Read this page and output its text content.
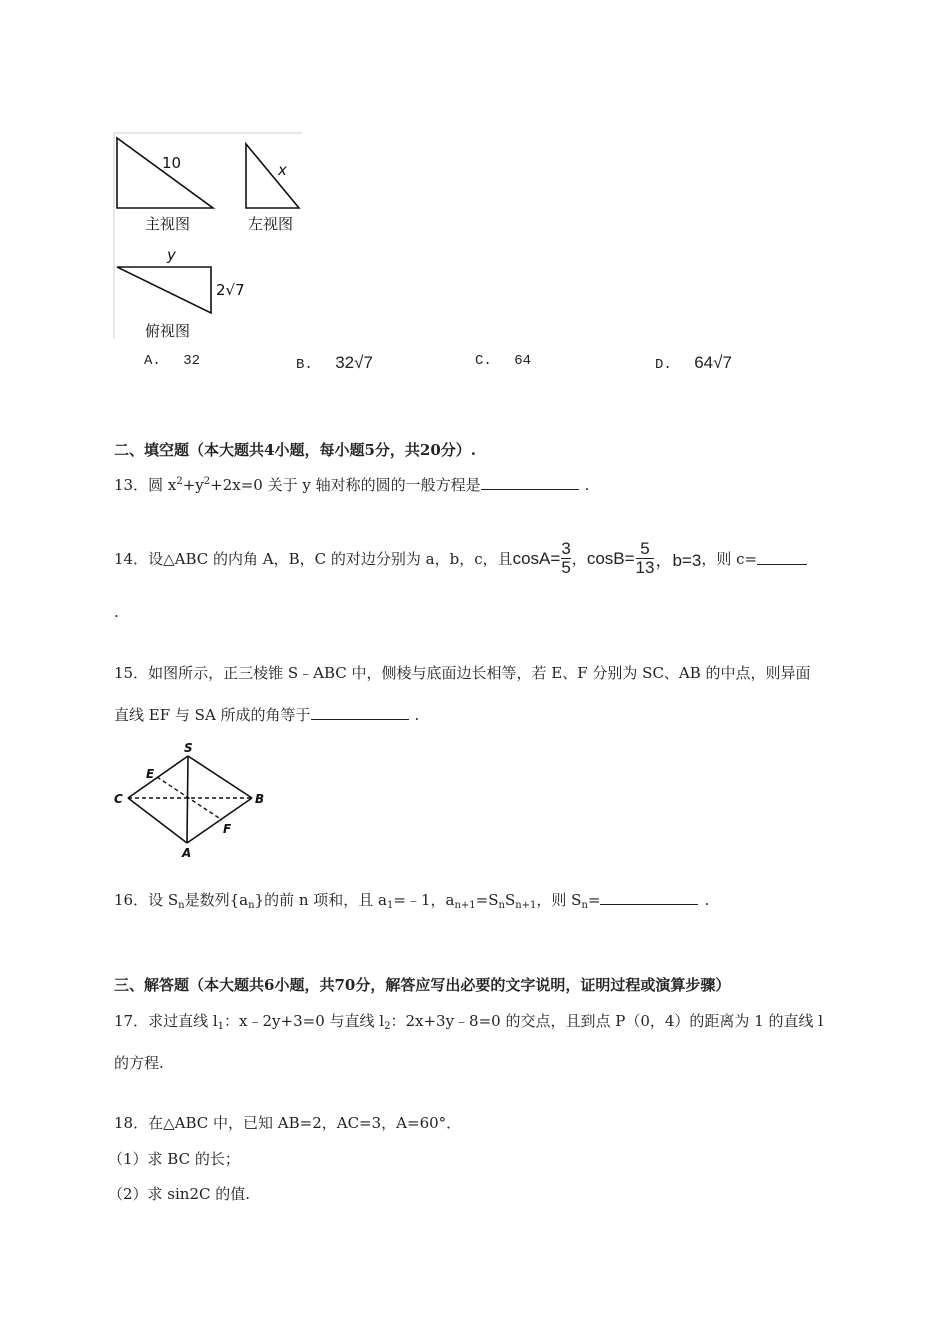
10
主视图
x
左视图
y
2√7
俯视图
A. 32	B. 32√7	C. 64	D. 64√7
二、填空题（本大题共4小题，每小题5分，共20分）.
13．圆 $x^2+y^2+2x=0$ 关于 y 轴对称的圆的一般方程是	.
14． 设△ABC 的内角 A，B，C 的对边分别为 a，b，c，且 $\cos A= \frac{3}{5}$ ， $\cos B= \frac{5}{13}$ ，b=3 ，则 c=
.
15．如图所示，正三棱锥 S﹣ABC 中，侧棱与底面边长相等，若 E、F 分别为 SC、AB 的中点，则异面
直线 EF 与 SA 所成的角等于	.
S
E
C	B
F
A
16．设 $S_n$是数列$\{a_n\}$的前 n 项和，且 $a_1=﹣1$，$a_{n+1}=S_nS_{n+1}$，则 $S_n=$	.
三、解答题（本大题共6小题，共70分，解答应写出必要的文字说明，证明过程或演算步骤）
17．求过直线 $l_1$：x﹣2y+3=0 与直线 $l_2$：2x+3y﹣8=0 的交点，且到点 P（0，4）的距离为 1 的直线 l
的方程.
18．在△ABC 中，已知 AB=2，AC=3，A=60°．
（1）求 BC 的长；
（2）求 sin2C 的值.
